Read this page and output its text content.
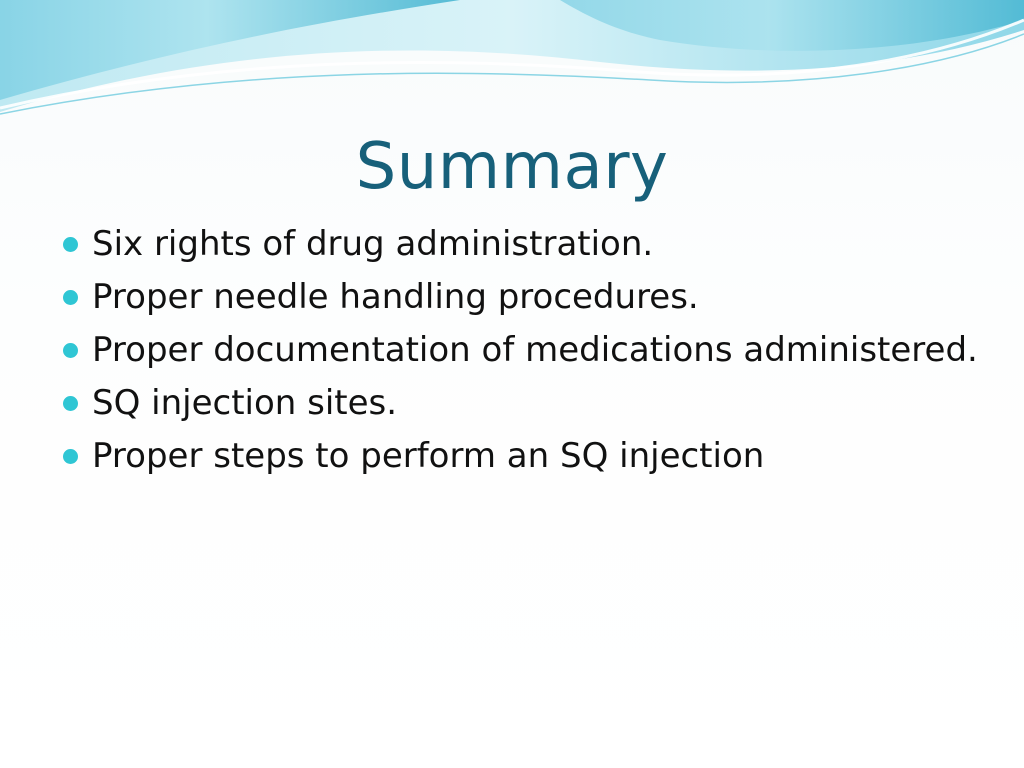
Summary
Six rights of drug administration.
Proper needle handling procedures.
Proper documentation of medications administered.
SQ injection sites.
Proper steps to perform an SQ injection
